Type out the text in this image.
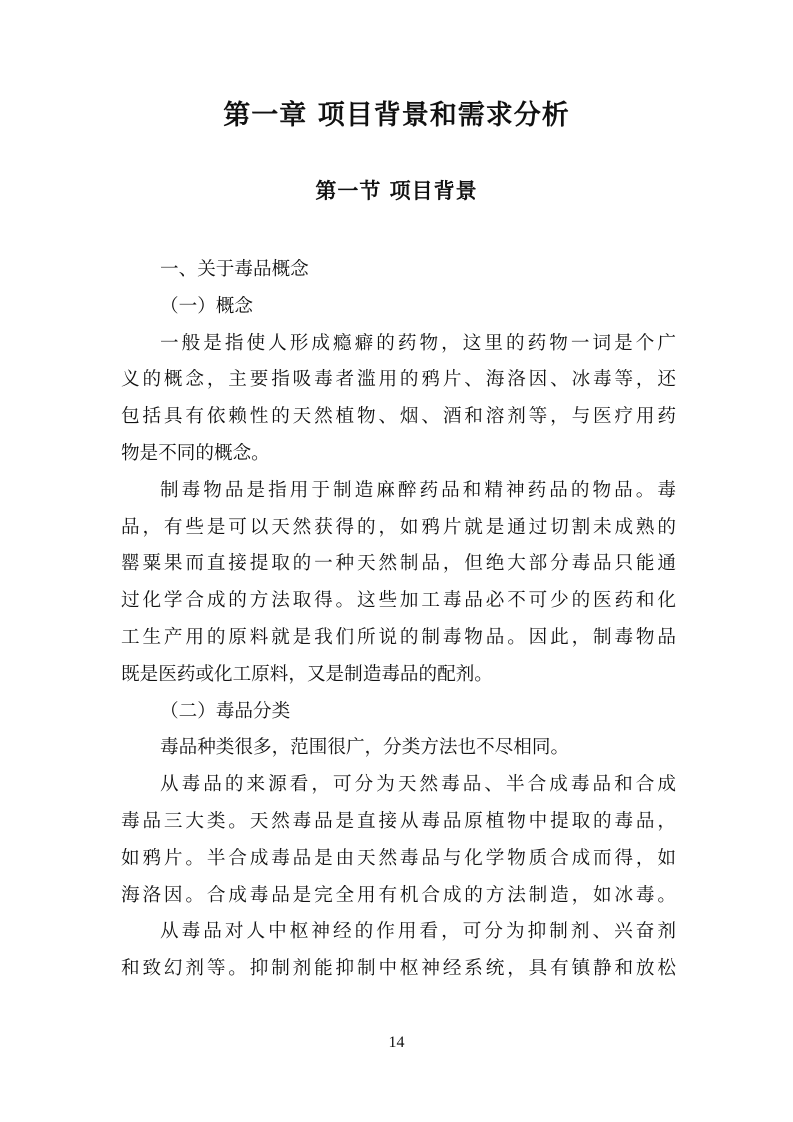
第一章 项目背景和需求分析
第一节 项目背景
一、关于毒品概念
（一）概念
一般是指使人形成瘾癖的药物，这里的药物一词是个广
义的概念，主要指吸毒者滥用的鸦片、海洛因、冰毒等，还
包括具有依赖性的天然植物、烟、酒和溶剂等，与医疗用药
物是不同的概念。
制毒物品是指用于制造麻醉药品和精神药品的物品。毒
品，有些是可以天然获得的，如鸦片就是通过切割未成熟的
罂粟果而直接提取的一种天然制品，但绝大部分毒品只能通
过化学合成的方法取得。这些加工毒品必不可少的医药和化
工生产用的原料就是我们所说的制毒物品。因此，制毒物品
既是医药或化工原料，又是制造毒品的配剂。
（二）毒品分类
毒品种类很多，范围很广，分类方法也不尽相同。
从毒品的来源看，可分为天然毒品、半合成毒品和合成
毒品三大类。天然毒品是直接从毒品原植物中提取的毒品，
如鸦片。半合成毒品是由天然毒品与化学物质合成而得，如
海洛因。合成毒品是完全用有机合成的方法制造，如冰毒。
从毒品对人中枢神经的作用看，可分为抑制剂、兴奋剂
和致幻剂等。抑制剂能抑制中枢神经系统，具有镇静和放松
14
